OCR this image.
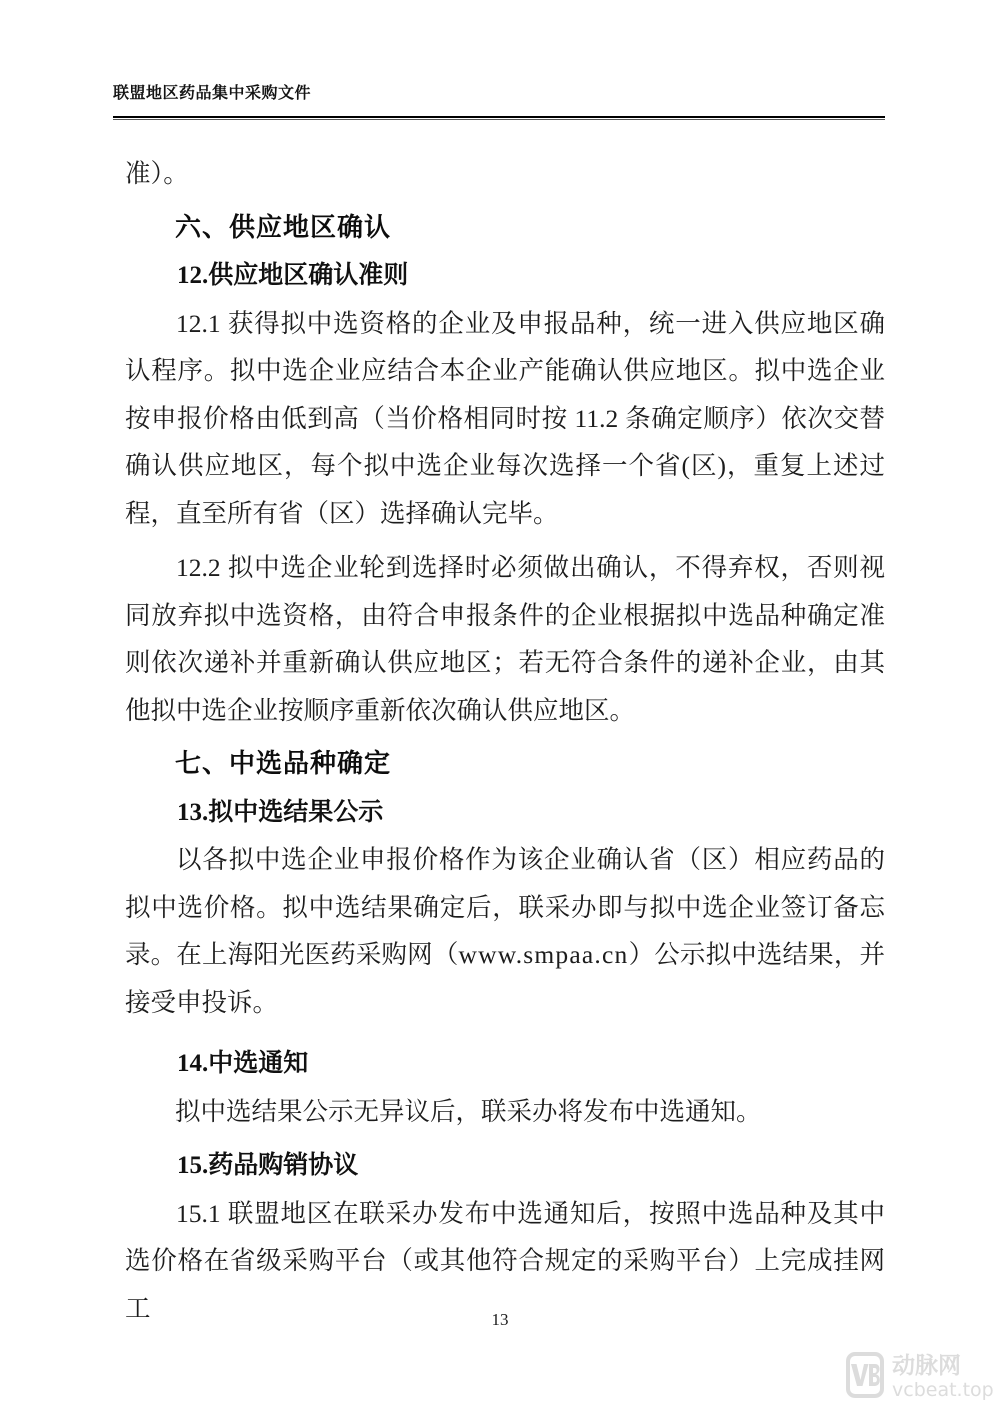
联盟地区药品集中采购文件

准）。

六、供应地区确认
12.供应地区确认准则

12.1 获得拟中选资格的企业及申报品种，统一进入供应地区确认程序。拟中选企业应结合本企业产能确认供应地区。拟中选企业按申报价格由低到高（当价格相同时按 11.2 条确定顺序）依次交替确认供应地区，每个拟中选企业每次选择一个省(区)，重复上述过程，直至所有省（区）选择确认完毕。

12.2 拟中选企业轮到选择时必须做出确认，不得弃权，否则视同放弃拟中选资格，由符合申报条件的企业根据拟中选品种确定准则依次递补并重新确认供应地区；若无符合条件的递补企业，由其他拟中选企业按顺序重新依次确认供应地区。

七、中选品种确定
13.拟中选结果公示

以各拟中选企业申报价格作为该企业确认省（区）相应药品的拟中选价格。拟中选结果确定后，联采办即与拟中选企业签订备忘录。在上海阳光医药采购网（www.smpaa.cn）公示拟中选结果，并接受申投诉。

14.中选通知

拟中选结果公示无异议后，联采办将发布中选通知。

15.药品购销协议

15.1 联盟地区在联采办发布中选通知后，按照中选品种及其中选价格在省级采购平台（或其他符合规定的采购平台）上完成挂网工	13
动脉网
vcbeat.top
